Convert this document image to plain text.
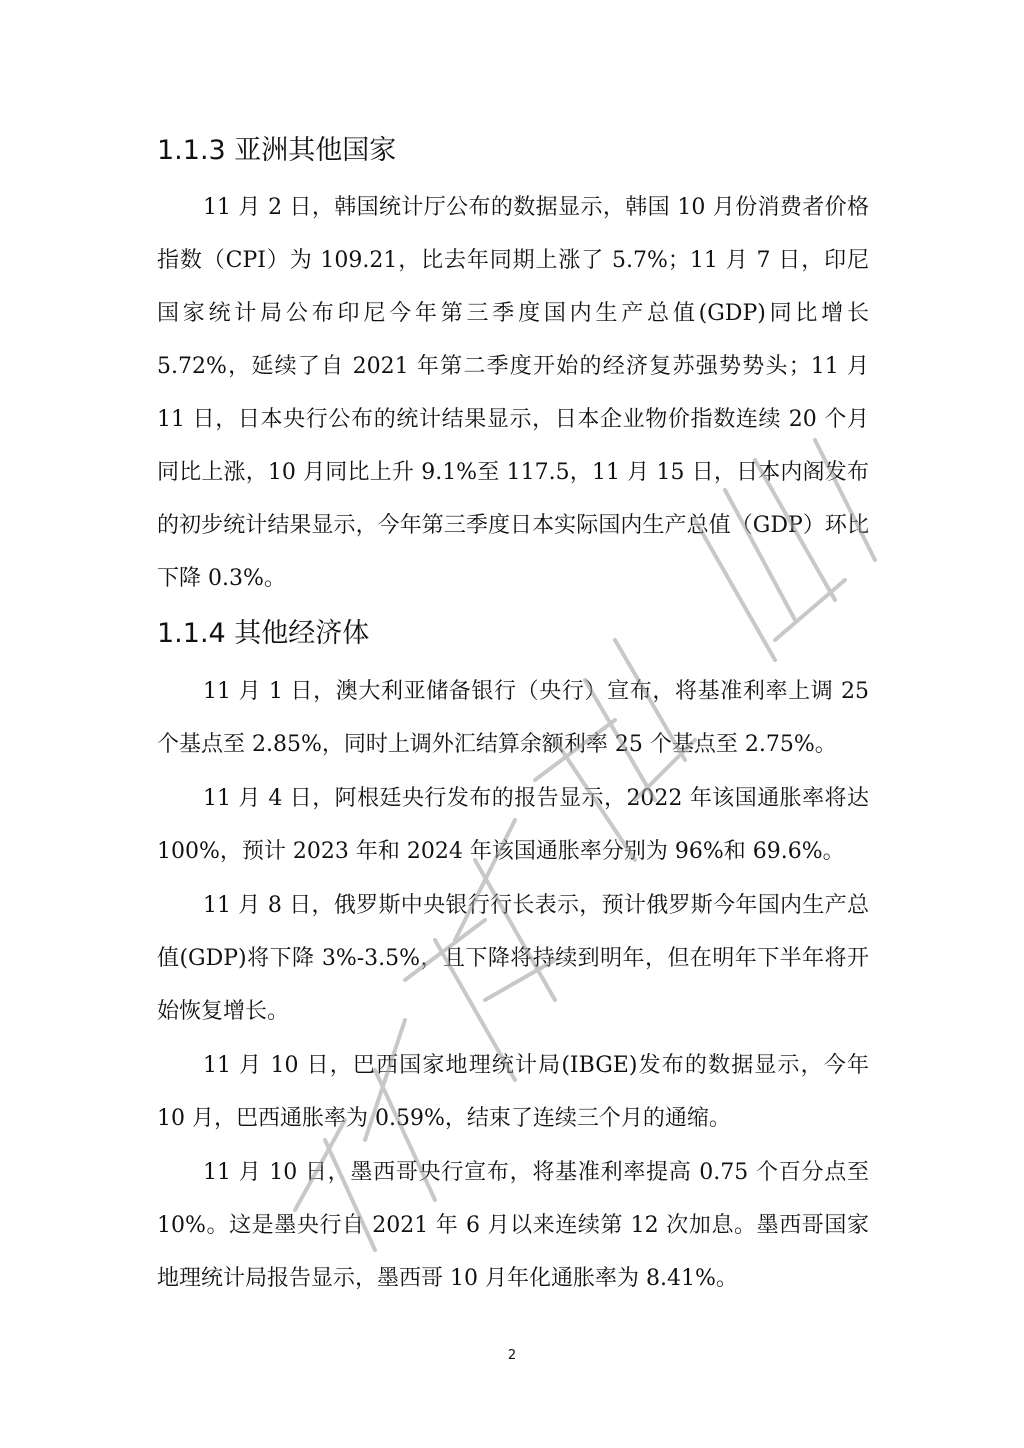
1.1.3 亚洲其他国家

11 月 2 日，韩国统计厅公布的数据显示，韩国 10 月份消费者价格指数（CPI）为 109.21，比去年同期上涨了 5.7%；11 月 7 日，印尼国家统计局公布印尼今年第三季度国内生产总值(GDP)同比增长 5.72%，延续了自 2021 年第二季度开始的经济复苏强势势头；11 月 11 日，日本央行公布的统计结果显示，日本企业物价指数连续 20 个月同比上涨，10 月同比上升 9.1%至 117.5，11 月 15 日，日本内阁发布的初步统计结果显示，今年第三季度日本实际国内生产总值（GDP）环比下降 0.3%。

1.1.4 其他经济体

11 月 1 日，澳大利亚储备银行（央行）宣布，将基准利率上调 25 个基点至 2.85%，同时上调外汇结算余额利率 25 个基点至 2.75%。

11 月 4 日，阿根廷央行发布的报告显示，2022 年该国通胀率将达 100%，预计 2023 年和 2024 年该国通胀率分别为 96%和 69.6%。

11 月 8 日，俄罗斯中央银行行长表示，预计俄罗斯今年国内生产总值(GDP)将下降 3%-3.5%，且下降将持续到明年，但在明年下半年将开始恢复增长。

11 月 10 日，巴西国家地理统计局(IBGE)发布的数据显示，今年 10 月，巴西通胀率为 0.59%，结束了连续三个月的通缩。

11 月 10 日，墨西哥央行宣布，将基准利率提高 0.75 个百分点至 10%。这是墨央行自 2021 年 6 月以来连续第 12 次加息。墨西哥国家地理统计局报告显示，墨西哥 10 月年化通胀率为 8.41%。

2
